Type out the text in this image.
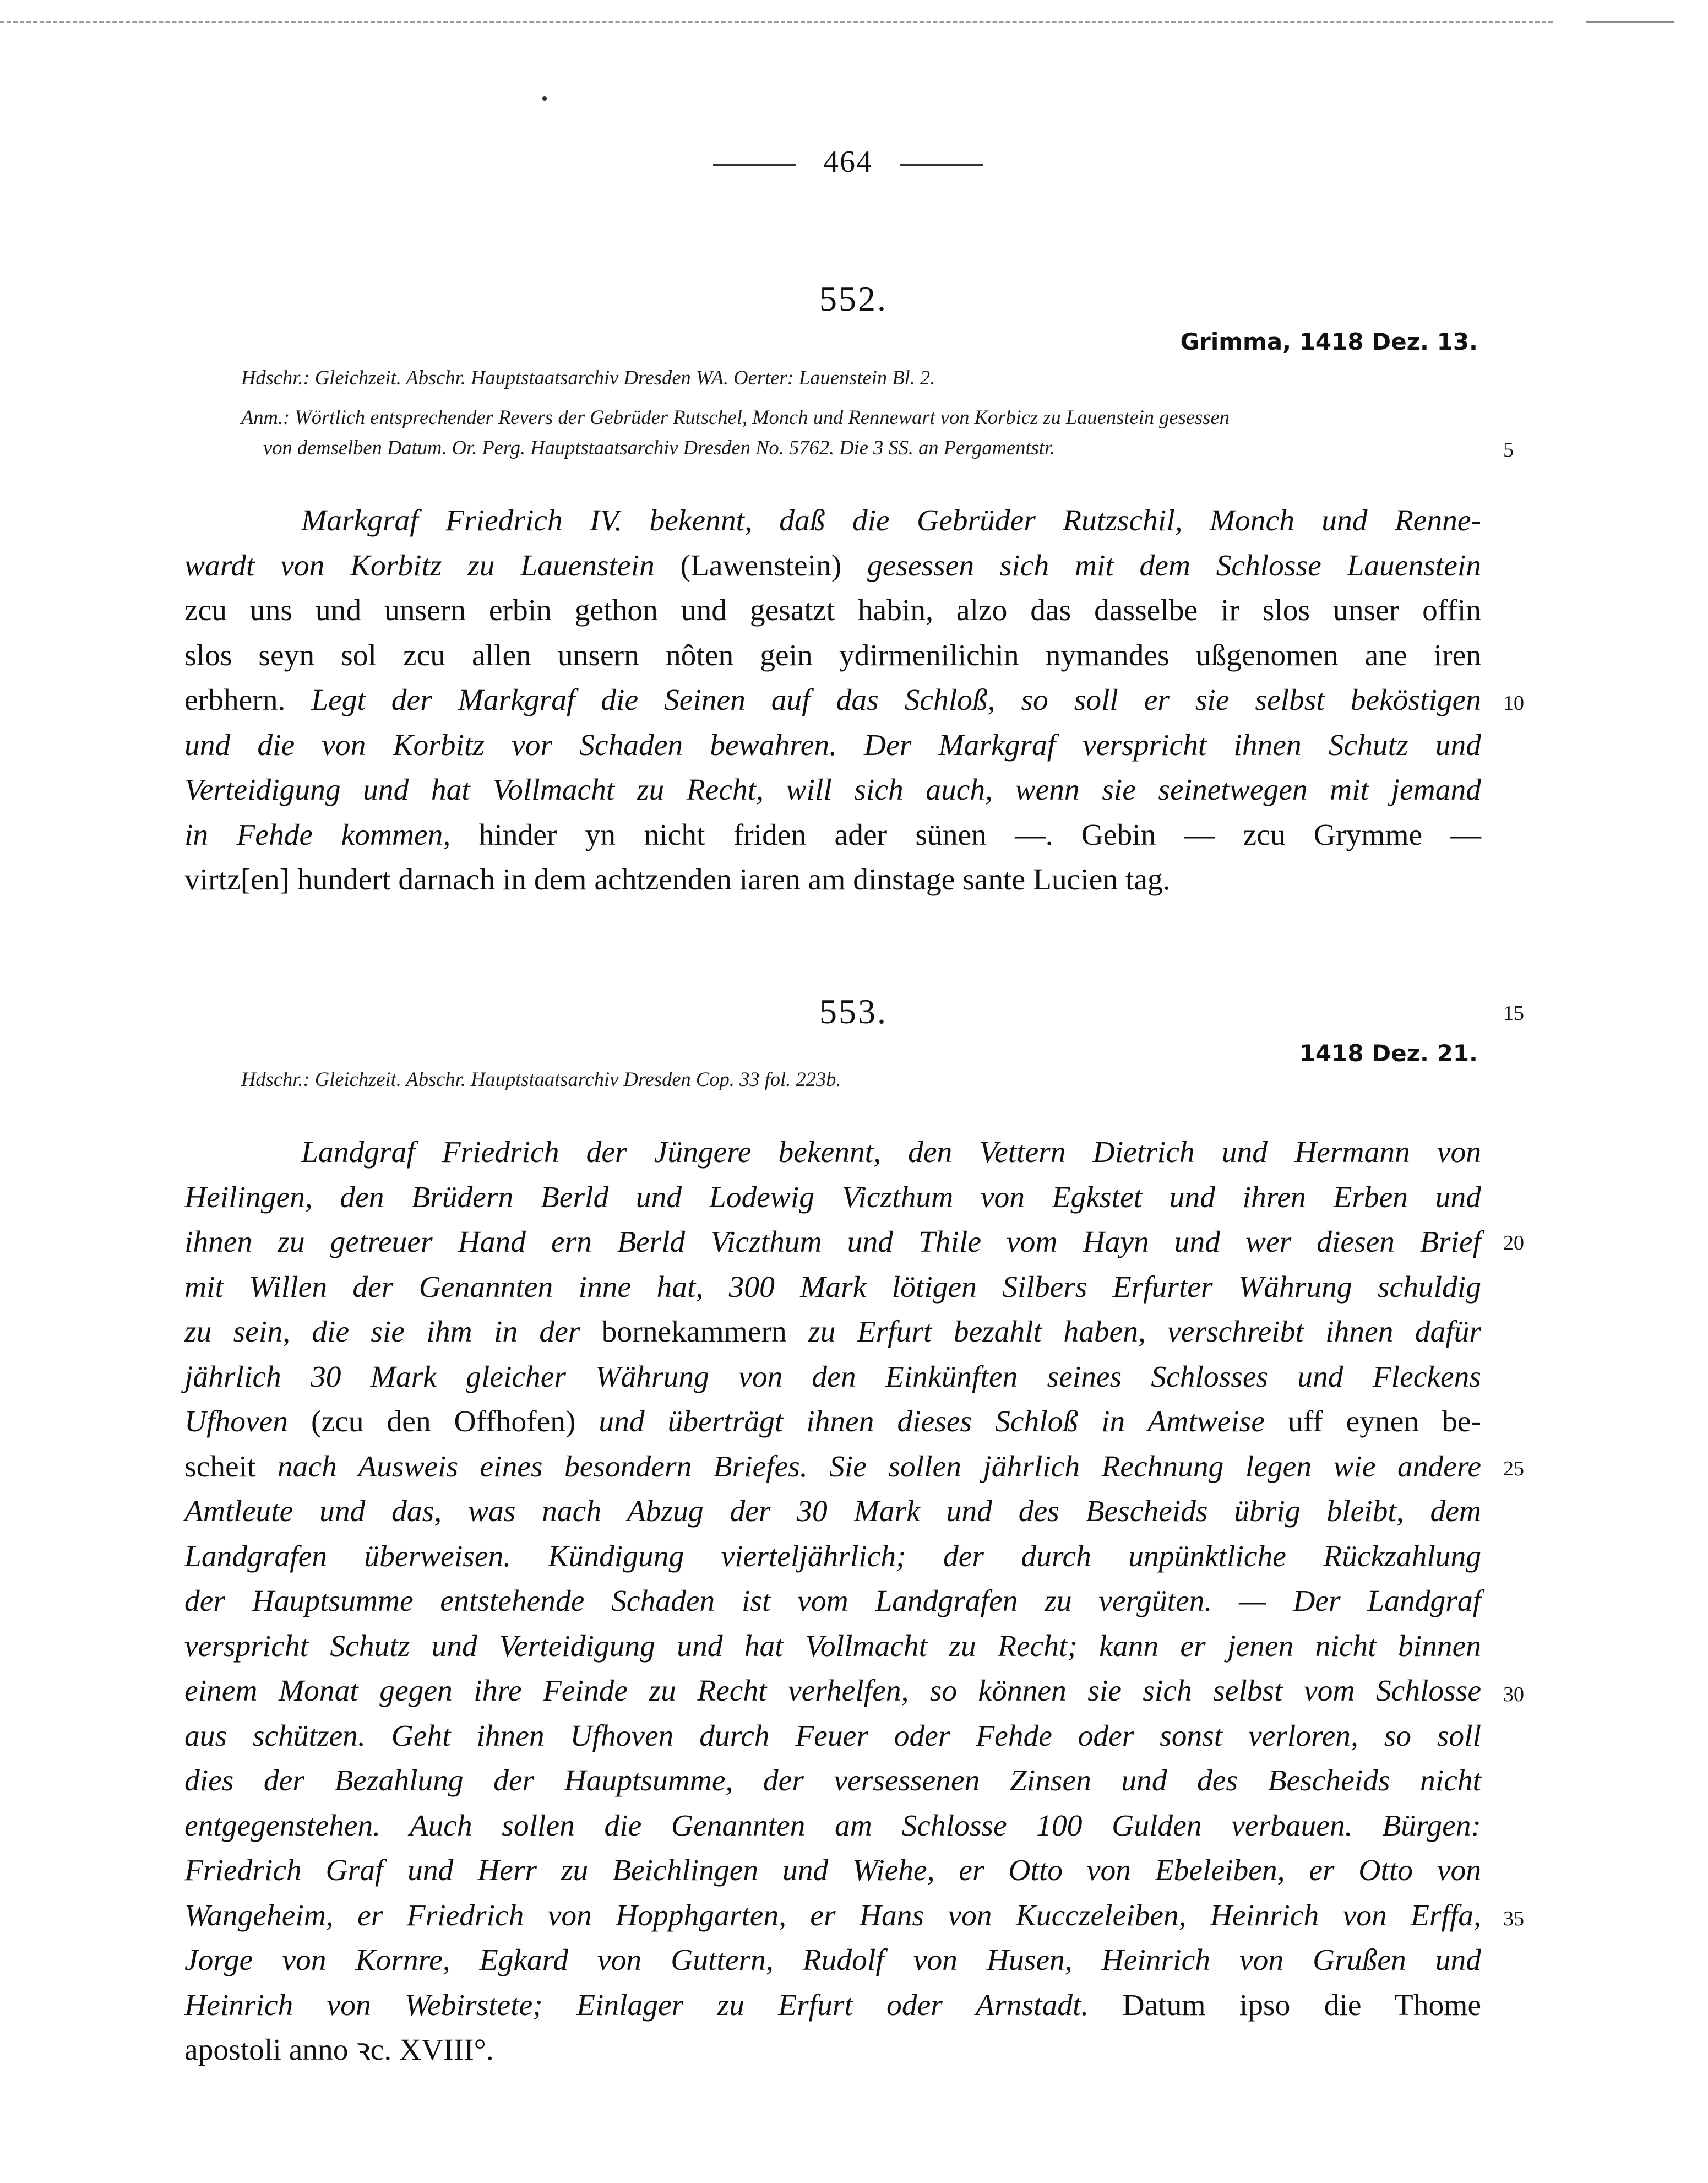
464
552.
Grimma, 1418 Dez. 13.
Hdschr.: Gleichzeit. Abschr. Hauptstaatsarchiv Dresden WA. Oerter: Lauenstein Bl. 2.
Anm.: Wörtlich entsprechender Revers der Gebrüder Rutschel, Monch und Rennewart von Korbicz zu Lauenstein gesessen
von demselben Datum. Or. Perg. Hauptstaatsarchiv Dresden No. 5762. Die 3 SS. an Pergamentstr.	5
Markgraf Friedrich IV. bekennt, daß die Gebrüder Rutzschil, Monch und Renne-
wardt von Korbitz zu Lauenstein (Lawenstein) gesessen sich mit dem Schlosse Lauenstein
zcu uns und unsern erbin gethon und gesatzt habin, alzo das dasselbe ir slos unser offin
slos seyn sol zcu allen unsern nôten gein ydirmenilichin nymandes ußgenomen ane iren
erbhern. Legt der Markgraf die Seinen auf das Schloß, so soll er sie selbst beköstigen
und die von Korbitz vor Schaden bewahren. Der Markgraf verspricht ihnen Schutz und
Verteidigung und hat Vollmacht zu Recht, will sich auch, wenn sie seinetwegen mit jemand
in Fehde kommen, hinder yn nicht friden ader sünen —. Gebin — zcu Grymme —
virtz[en] hundert darnach in dem achtzenden iaren am dinstage sante Lucien tag.
10
553.	15
1418 Dez. 21.
Hdschr.: Gleichzeit. Abschr. Hauptstaatsarchiv Dresden Cop. 33 fol. 223b.
Landgraf Friedrich der Jüngere bekennt, den Vettern Dietrich und Hermann von
Heilingen, den Brüdern Berld und Lodewig Viczthum von Egkstet und ihren Erben und
ihnen zu getreuer Hand ern Berld Viczthum und Thile vom Hayn und wer diesen Brief
mit Willen der Genannten inne hat, 300 Mark lötigen Silbers Erfurter Währung schuldig
zu sein, die sie ihm in der bornekammern zu Erfurt bezahlt haben, verschreibt ihnen dafür
jährlich 30 Mark gleicher Währung von den Einkünften seines Schlosses und Fleckens
Ufhoven (zcu den Offhofen) und überträgt ihnen dieses Schloß in Amtweise uff eynen be-
scheit nach Ausweis eines besondern Briefes. Sie sollen jährlich Rechnung legen wie andere
Amtleute und das, was nach Abzug der 30 Mark und des Bescheids übrig bleibt, dem
Landgrafen überweisen. Kündigung vierteljährlich; der durch unpünktliche Rückzahlung
der Hauptsumme entstehende Schaden ist vom Landgrafen zu vergüten. — Der Landgraf
verspricht Schutz und Verteidigung und hat Vollmacht zu Recht; kann er jenen nicht binnen
einem Monat gegen ihre Feinde zu Recht verhelfen, so können sie sich selbst vom Schlosse
aus schützen. Geht ihnen Ufhoven durch Feuer oder Fehde oder sonst verloren, so soll
dies der Bezahlung der Hauptsumme, der versessenen Zinsen und des Bescheids nicht
entgegenstehen. Auch sollen die Genannten am Schlosse 100 Gulden verbauen. Bürgen:
Friedrich Graf und Herr zu Beichlingen und Wiehe, er Otto von Ebeleiben, er Otto von
Wangeheim, er Friedrich von Hopphgarten, er Hans von Kucczeleiben, Heinrich von Erffa,
Jorge von Kornre, Egkard von Guttern, Rudolf von Husen, Heinrich von Grußen und
Heinrich von Webirstete; Einlager zu Erfurt oder Arnstadt. Datum ipso die Thome
apostoli anno ꝛc. XVIII°.
20
25
30
35
